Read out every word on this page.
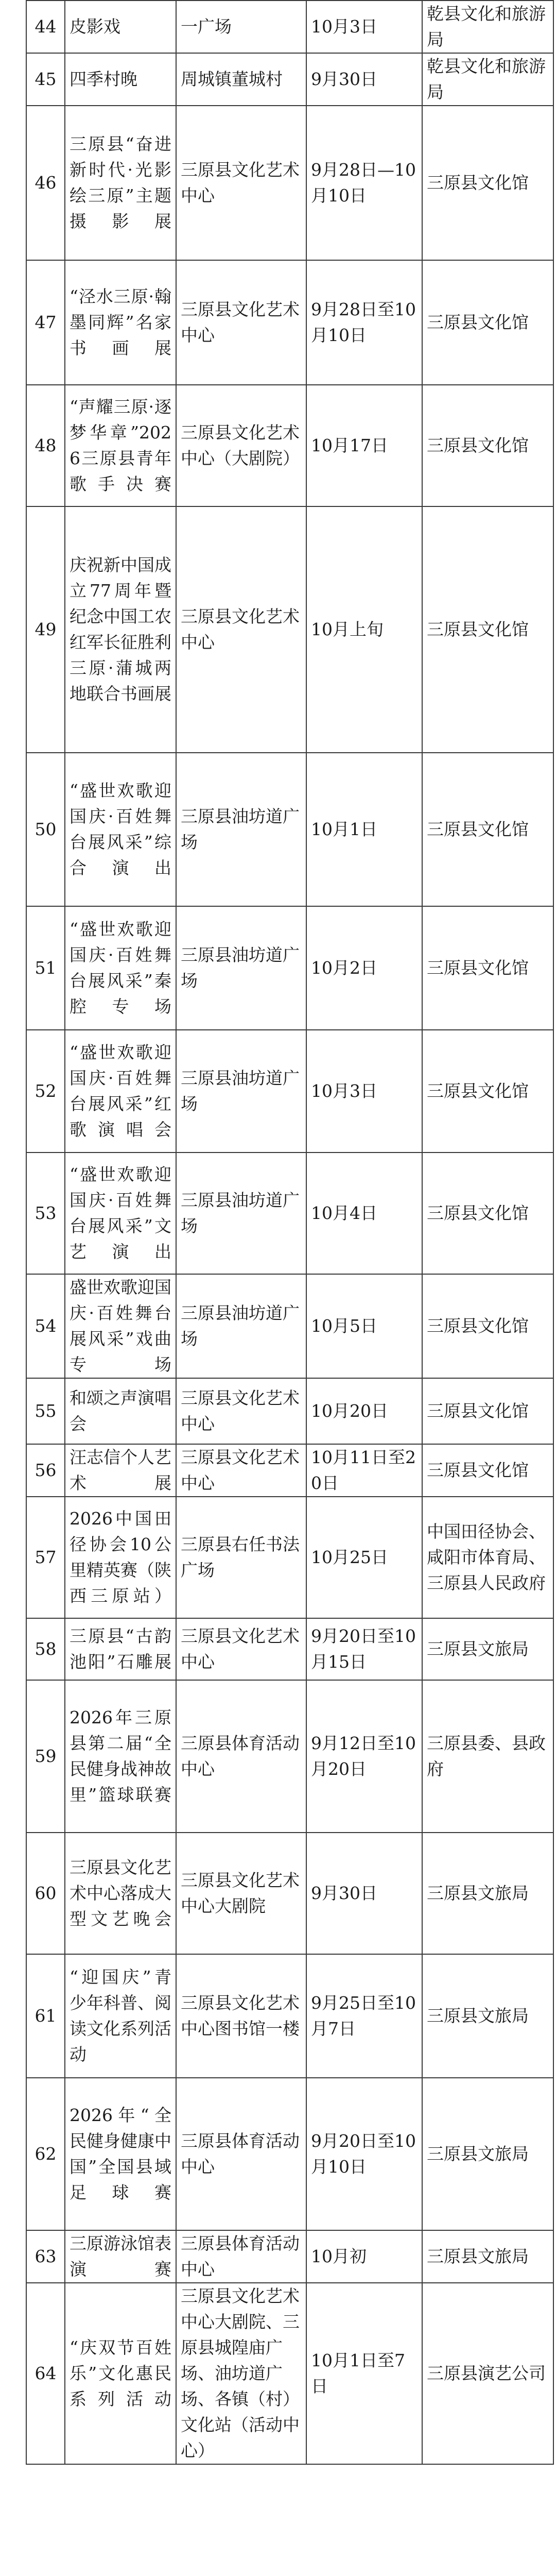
44	皮影戏	一广场	10月3日	乾县文化和旅游局
45	四季村晚	周城镇董城村	9月30日	乾县文化和旅游局
46	三原县“奋进新时代·光影绘三原”主题摄影展	三原县文化艺术中心	9月28日—10月10日	三原县文化馆
47	“泾水三原·翰墨同辉”名家书画展	三原县文化艺术中心	9月28日至10月10日	三原县文化馆
48	“声耀三原·逐梦华章”2026三原县青年歌手决赛	三原县文化艺术中心（大剧院）	10月17日	三原县文化馆
49	庆祝新中国成立77周年暨纪念中国工农红军长征胜利三原·蒲城两地联合书画展	三原县文化艺术中心	10月上旬	三原县文化馆
50	“盛世欢歌迎国庆·百姓舞台展风采”综合演出	三原县油坊道广场	10月1日	三原县文化馆
51	“盛世欢歌迎国庆·百姓舞台展风采”秦腔专场	三原县油坊道广场	10月2日	三原县文化馆
52	“盛世欢歌迎国庆·百姓舞台展风采”红歌演唱会	三原县油坊道广场	10月3日	三原县文化馆
53	“盛世欢歌迎国庆·百姓舞台展风采”文艺演出	三原县油坊道广场	10月4日	三原县文化馆
54	盛世欢歌迎国庆·百姓舞台展风采”戏曲专场	三原县油坊道广场	10月5日	三原县文化馆
55	和颂之声演唱会	三原县文化艺术中心	10月20日	三原县文化馆
56	汪志信个人艺术展	三原县文化艺术中心	10月11日至20日	三原县文化馆
57	2026中国田径协会10公里精英赛（陕西三原站）	三原县右任书法广场	10月25日	中国田径协会、咸阳市体育局、三原县人民政府
58	三原县“古韵池阳”石雕展	三原县文化艺术中心	9月20日至10月15日	三原县文旅局
59	2026年三原县第二届“全民健身战神故里”篮球联赛	三原县体育活动中心	9月12日至10月20日	三原县委、县政府
60	三原县文化艺术中心落成大型文艺晚会	三原县文化艺术中心大剧院	9月30日	三原县文旅局
61	“迎国庆”青少年科普、阅读文化系列活动	三原县文化艺术中心图书馆一楼	9月25日至10月7日	三原县文旅局
62	2026年“全民健身健康中国”全国县域足球赛	三原县体育活动中心	9月20日至10月10日	三原县文旅局
63	三原游泳馆表演赛	三原县体育活动中心	10月初	三原县文旅局
64	“庆双节百姓乐”文化惠民系列活动	三原县文化艺术中心大剧院、三原县城隍庙广场、油坊道广场、各镇（村）文化站（活动中心）	10月1日至7日	三原县演艺公司
